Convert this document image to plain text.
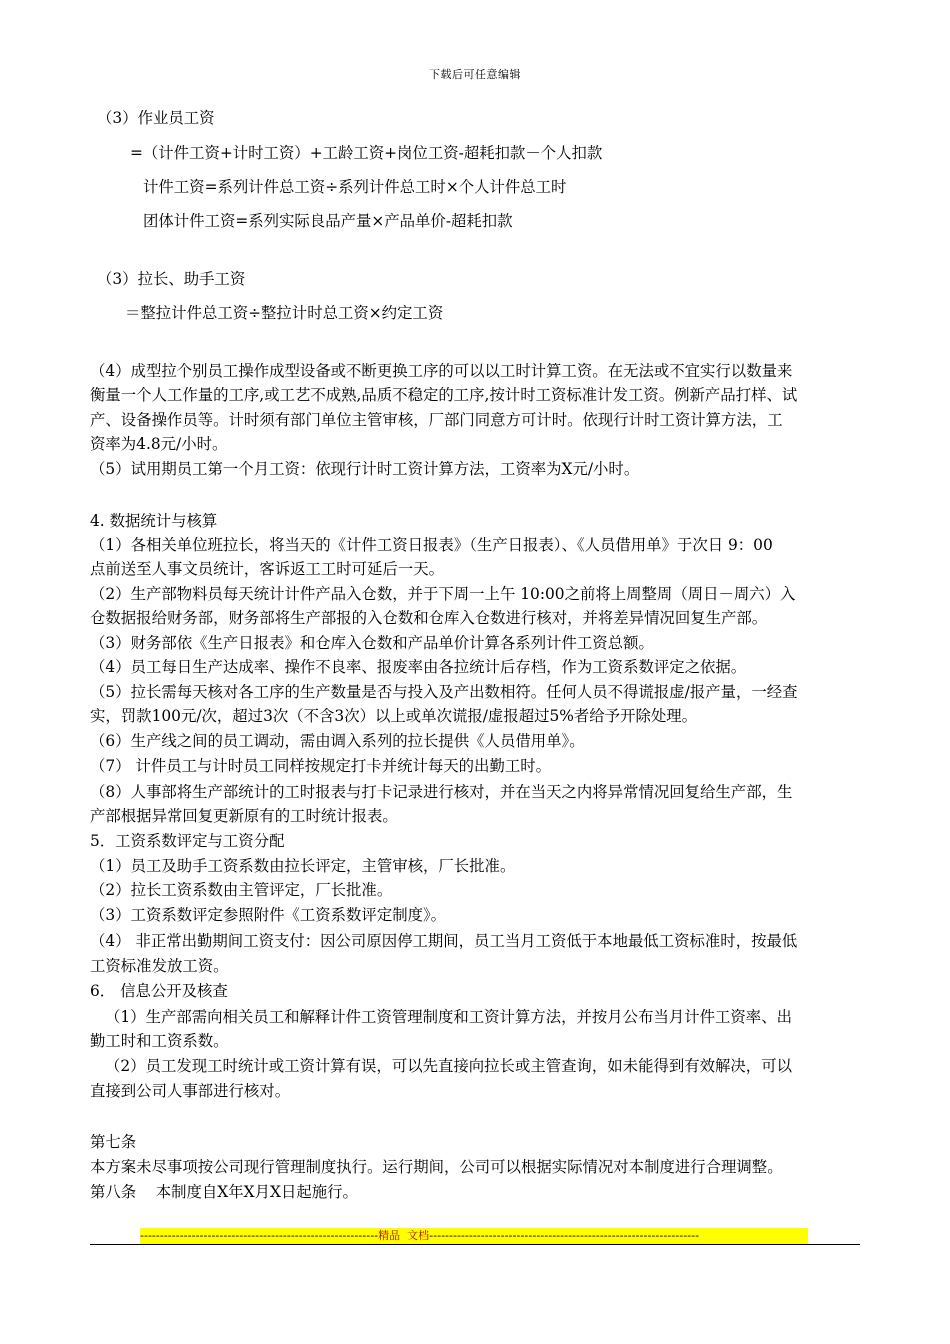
下载后可任意编辑
（3）作业员工资
=（计件工资+计时工资）+工龄工资+岗位工资-超耗扣款－个人扣款
计件工资=系列计件总工资÷系列计件总工时×个人计件总工时
团体计件工资=系列实际良品产量×产品单价-超耗扣款
（3）拉长、助手工资
＝整拉计件总工资÷整拉计时总工资×约定工资
（4）成型拉个别员工操作成型设备或不断更换工序的可以以工时计算工资。在无法或不宜实行以数量来
衡量一个人工作量的工序,或工艺不成熟,品质不稳定的工序,按计时工资标准计发工资。例新产品打样、试
产、设备操作员等。计时须有部门单位主管审核，厂部门同意方可计时。依现行计时工资计算方法，工
资率为4.8元/小时。
（5）试用期员工第一个月工资：依现行计时工资计算方法，工资率为X元/小时。
4. 数据统计与核算
（1）各相关单位班拉长，将当天的《计件工资日报表》（生产日报表）、《人员借用单》于次日 9：00
点前送至人事文员统计，客诉返工工时可延后一天。
（2）生产部物料员每天统计计件产品入仓数，并于下周一上午 10:00之前将上周整周（周日－周六）入
仓数据报给财务部，财务部将生产部报的入仓数和仓库入仓数进行核对，并将差异情况回复生产部。
（3）财务部依《生产日报表》和仓库入仓数和产品单价计算各系列计件工资总额。
（4）员工每日生产达成率、操作不良率、报废率由各拉统计后存档，作为工资系数评定之依据。
（5）拉长需每天核对各工序的生产数量是否与投入及产出数相符。任何人员不得谎报虚/报产量，一经查
实，罚款100元/次，超过3次（不含3次）以上或单次谎报/虚报超过5%者给予开除处理。
（6）生产线之间的员工调动，需由调入系列的拉长提供《人员借用单》。
（7） 计件员工与计时员工同样按规定打卡并统计每天的出勤工时。
（8）人事部将生产部统计的工时报表与打卡记录进行核对，并在当天之内将异常情况回复给生产部，生
产部根据异常回复更新原有的工时统计报表。
5．工资系数评定与工资分配
（1）员工及助手工资系数由拉长评定，主管审核，厂长批准。
（2）拉长工资系数由主管评定，厂长批准。
（3）工资系数评定参照附件《工资系数评定制度》。
（4） 非正常出勤期间工资支付：因公司原因停工期间，员工当月工资低于本地最低工资标准时，按最低
工资标准发放工资。
6． 信息公开及核查
（1）生产部需向相关员工和解释计件工资管理制度和工资计算方法，并按月公布当月计件工资率、出
勤工时和工资系数。
（2）员工发现工时统计或工资计算有误，可以先直接向拉长或主管查询，如未能得到有效解决，可以
直接到公司人事部进行核对。
第七条
本方案未尽事项按公司现行管理制度执行。运行期间，公司可以根据实际情况对本制度进行合理调整。
第八条    本制度自X年X月X日起施行。
------------------------------------------------------------精品  文档--------------------------------------------------------------------
